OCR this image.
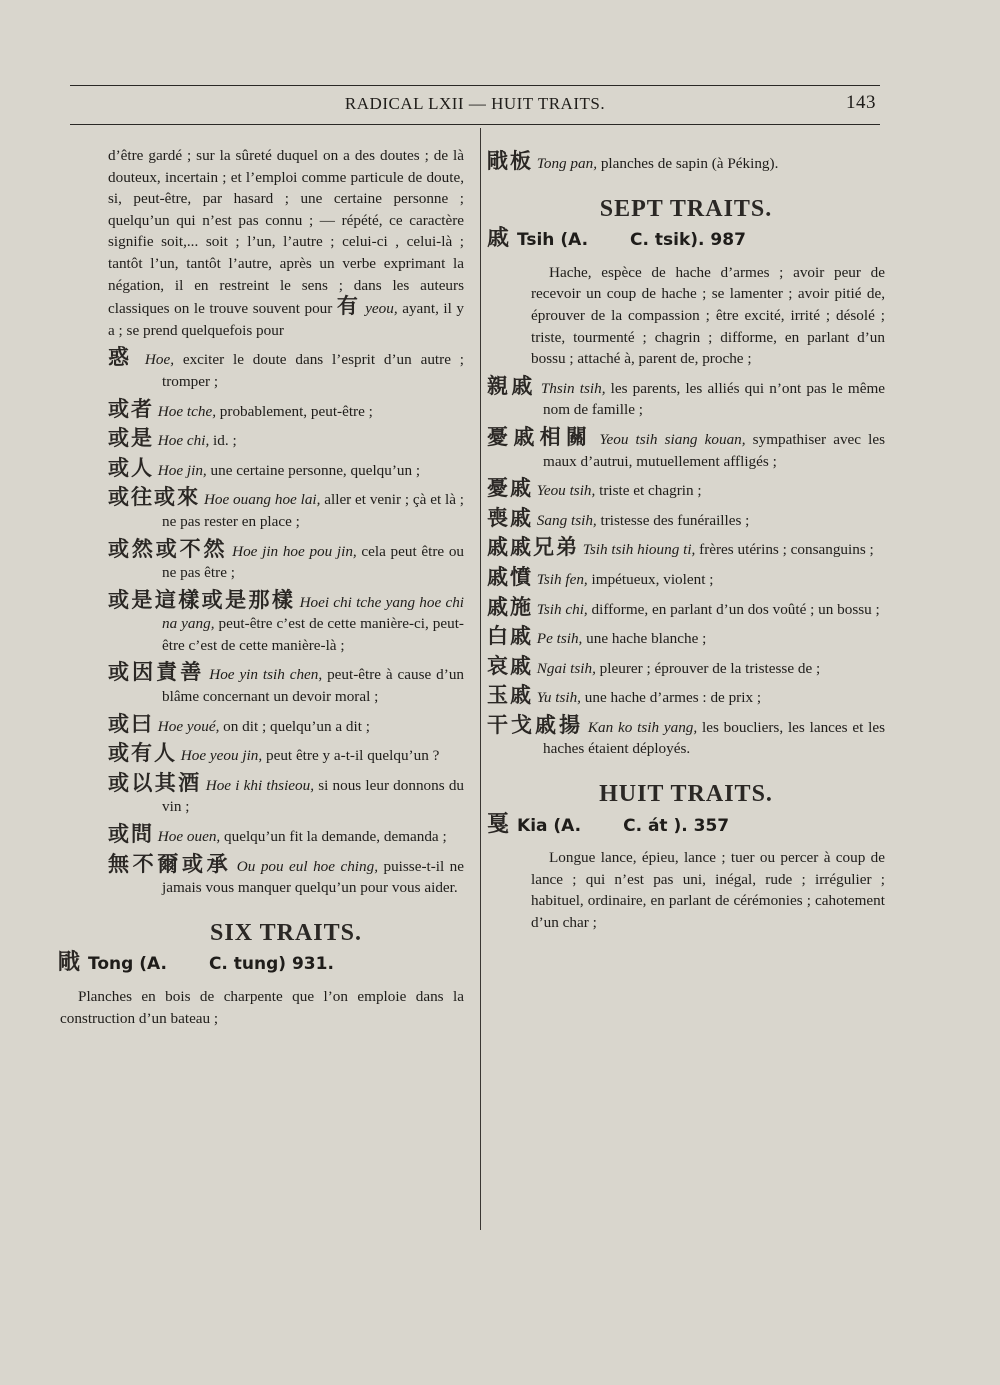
RADICAL LXII — HUIT TRAITS.	143
d’être gardé ; sur la sûreté duquel on a des doutes ; de là douteux, incertain ; et l’emploi comme particule de doute, si, peut-être, par hasard ; une certaine personne ; quelqu’un qui n’est pas connu ; — répété, ce caractère signifie soit,... soit ; l’un, l’autre ; celui-ci , celui-là ; tantôt l’un, tantôt l’autre, après un verbe exprimant la négation, il en restreint le sens ; dans les auteurs classiques on le trouve souvent pour 有 yeou, ayant, il y a ; se prend quelquefois pour
惑 Hoe, exciter le doute dans l’esprit d’un autre ; tromper ;
或者 Hoe tche, probablement, peut-être ;
或是 Hoe chi, id. ;
或人 Hoe jin, une certaine personne, quelqu’un ;
或往或來 Hoe ouang hoe lai, aller et venir ; çà et là ; ne pas rester en place ;
或然或不然 Hoe jin hoe pou jin, cela peut être ou ne pas être ;
或是這樣或是那樣 Hoei chi tche yang hoe chi na yang, peut-être c’est de cette manière-ci, peut-être c’est de cette manière-là ;
或因責善 Hoe yin tsih chen, peut-être à cause d’un blâme concernant un devoir moral ;
或曰 Hoe youé, on dit ; quelqu’un a dit ;
或有人 Hoe yeou jin, peut être y a-t-il quelqu’un ?
或以其酒 Hoe i khi thsieou, si nous leur donnons du vin ;
或問 Hoe ouen, quelqu’un fit la demande, demanda ;
無不爾或承 Ou pou eul hoe ching, puisse-t-il ne jamais vous manquer quelqu’un pour vous aider.
SIX TRAITS.
戙 Tong (A. C. tung) 931.
Planches en bois de charpente que l’on emploie dans la construction d’un bateau ;
戙板 Tong pan, planches de sapin (à Péking).
SEPT TRAITS.
戚 Tsih (A. C. tsik). 987
Hache, espèce de hache d’armes ; avoir peur de recevoir un coup de hache ; se lamenter ; avoir pitié de, éprouver de la compassion ; être excité, irrité ; désolé ; triste, tourmenté ; chagrin ; difforme, en parlant d’un bossu ; attaché à, parent de, proche ;
親戚 Thsin tsih, les parents, les alliés qui n’ont pas le même nom de famille ;
憂戚相關 Yeou tsih siang kouan, sympathiser avec les maux d’autrui, mutuellement affligés ;
憂戚 Yeou tsih, triste et chagrin ;
喪戚 Sang tsih, tristesse des funérailles ;
戚戚兄弟 Tsih tsih hioung ti, frères utérins ; consanguins ;
戚憤 Tsih fen, impétueux, violent ;
戚施 Tsih chi, difforme, en parlant d’un dos voûté ; un bossu ;
白戚 Pe tsih, une hache blanche ;
哀戚 Ngai tsih, pleurer ; éprouver de la tristesse de ;
玉戚 Yu tsih, une hache d’armes : de prix ;
干戈戚揚 Kan ko tsih yang, les boucliers, les lances et les haches étaient déployés.
HUIT TRAITS.
戛 Kia (A. C. át ). 357
Longue lance, épieu, lance ; tuer ou percer à coup de lance ; qui n’est pas uni, inégal, rude ; irrégulier ; habituel, ordinaire, en parlant de cérémonies ; cahotement d’un char ;
